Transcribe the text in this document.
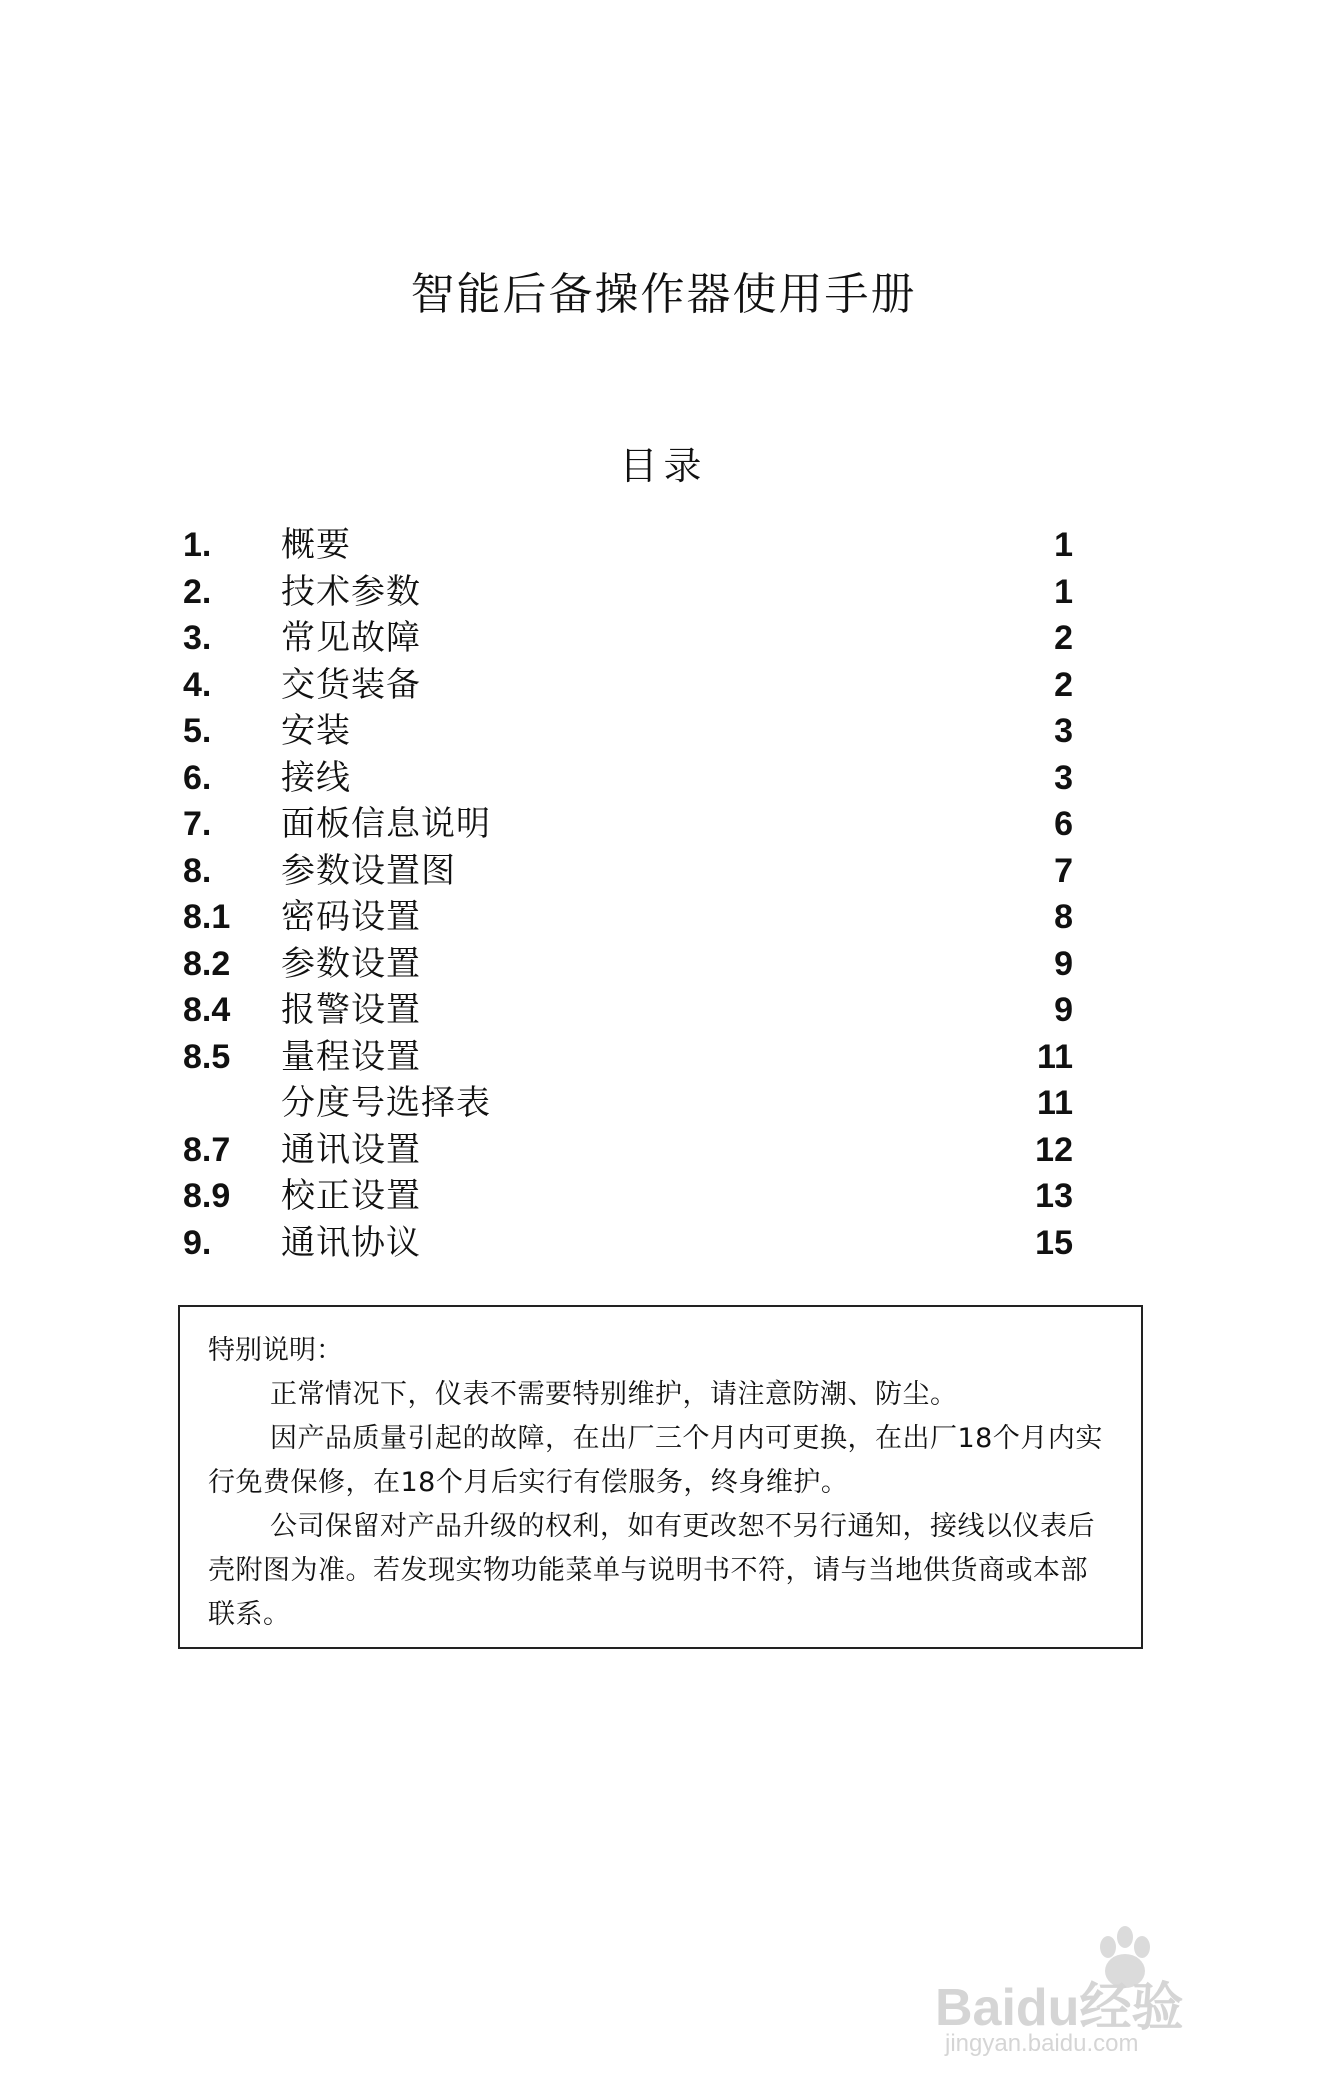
智能后备操作器使用手册
目录
1. 概要	1
2. 技术参数	1
3. 常见故障	2
4. 交货装备	2
5. 安装	3
6. 接线	3
7. 面板信息说明	6
8. 参数设置图	7
8.1 密码设置	8
8.2 参数设置	9
8.4 报警设置	9
8.5 量程设置	11
分度号选择表	11
8.7 通讯设置	12
8.9 校正设置	13
9. 通讯协议	15
特别说明：

正常情况下，仪表不需要特别维护，请注意防潮、防尘。

因产品质量引起的故障，在出厂三个月内可更换，在出厂18个月内实行免费保修，在18个月后实行有偿服务，终身维护。

公司保留对产品升级的权利，如有更改恕不另行通知，接线以仪表后壳附图为准。若发现实物功能菜单与说明书不符，请与当地供货商或本部联系。

Baidu经验
jingyan.baidu.com
